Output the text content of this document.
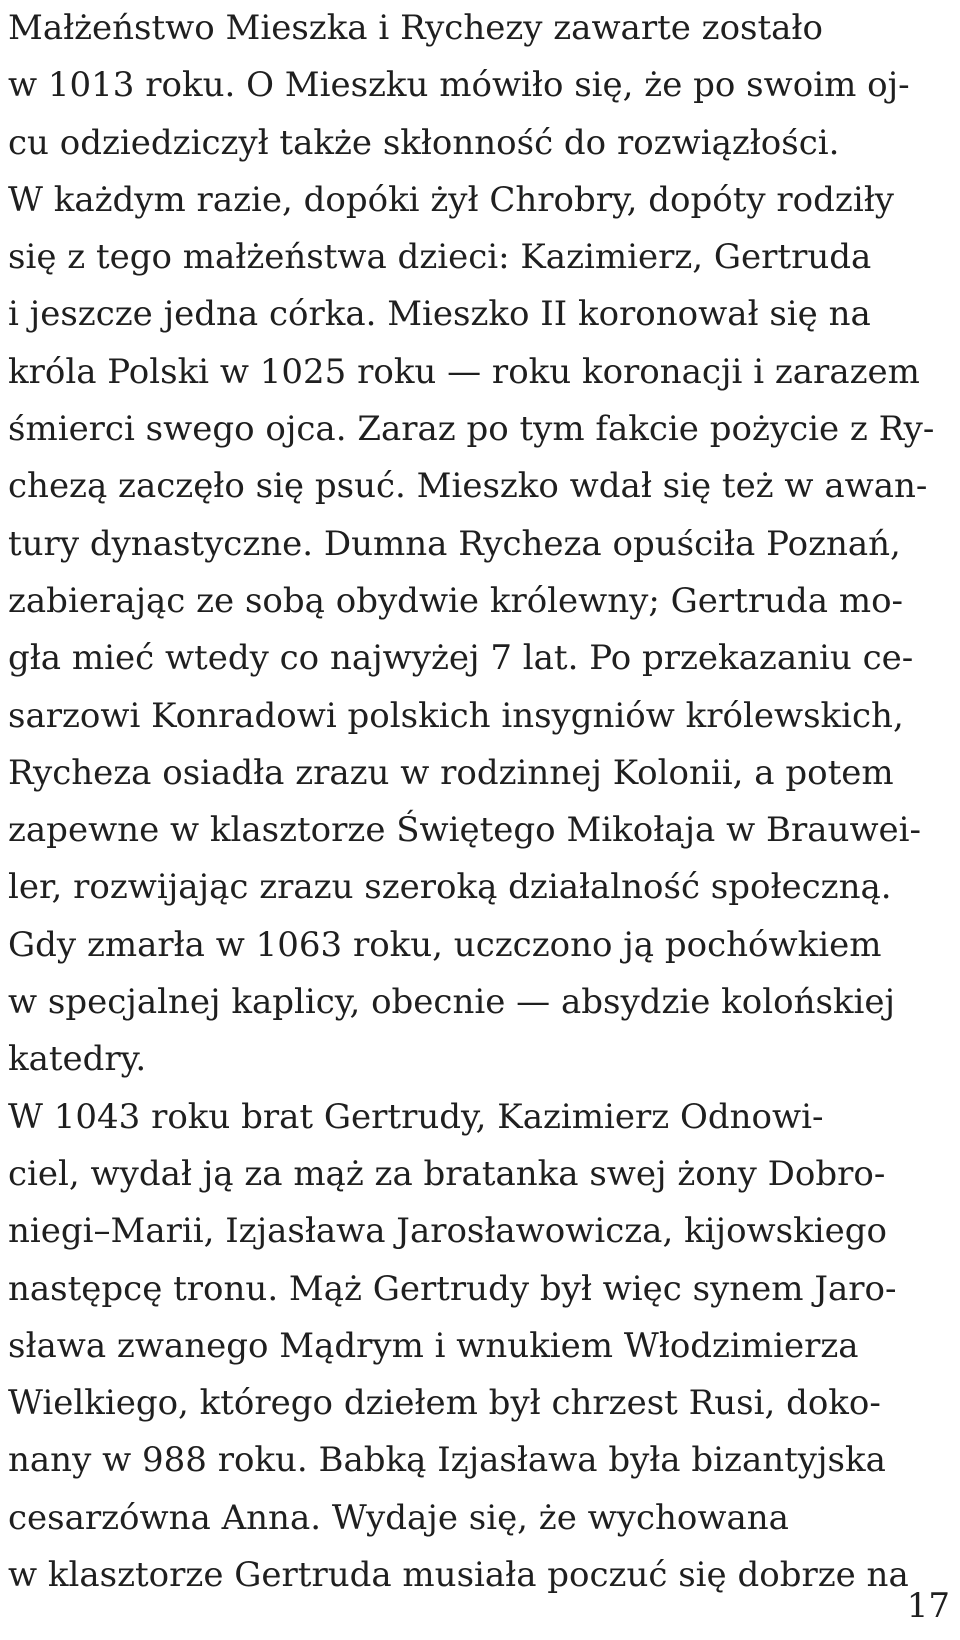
Małżeństwo Mieszka i Rychezy zawarte zostało
w 1013 roku. O Mieszku mówiło się, że po swoim oj-
cu odziedziczył także skłonność do rozwiązłości.
W każdym razie, dopóki żył Chrobry, dopóty rodziły
się z tego małżeństwa dzieci: Kazimierz, Gertruda
i jeszcze jedna córka. Mieszko II koronował się na
króla Polski w 1025 roku — roku koronacji i zarazem
śmierci swego ojca. Zaraz po tym fakcie pożycie z Ry-
chezą zaczęło się psuć. Mieszko wdał się też w awan-
tury dynastyczne. Dumna Rycheza opuściła Poznań,
zabierając ze sobą obydwie królewny; Gertruda mo-
gła mieć wtedy co najwyżej 7 lat. Po przekazaniu ce-
sarzowi Konradowi polskich insygniów królewskich,
Rycheza osiadła zrazu w rodzinnej Kolonii, a potem
zapewne w klasztorze Świętego Mikołaja w Brauwei-
ler, rozwijając zrazu szeroką działalność społeczną.
Gdy zmarła w 1063 roku, uczczono ją pochówkiem
w specjalnej kaplicy, obecnie — absydzie kolońskiej
katedry.
W 1043 roku brat Gertrudy, Kazimierz Odnowi-
ciel, wydał ją za mąż za bratanka swej żony Dobro-
niegi–Marii, Izjasława Jarosławowicza, kijowskiego
następcę tronu. Mąż Gertrudy był więc synem Jaro-
sława zwanego Mądrym i wnukiem Włodzimierza
Wielkiego, którego dziełem był chrzest Rusi, doko-
nany w 988 roku. Babką Izjasława była bizantyjska
cesarzówna Anna. Wydaje się, że wychowana
w klasztorze Gertruda musiała poczuć się dobrze na
17
